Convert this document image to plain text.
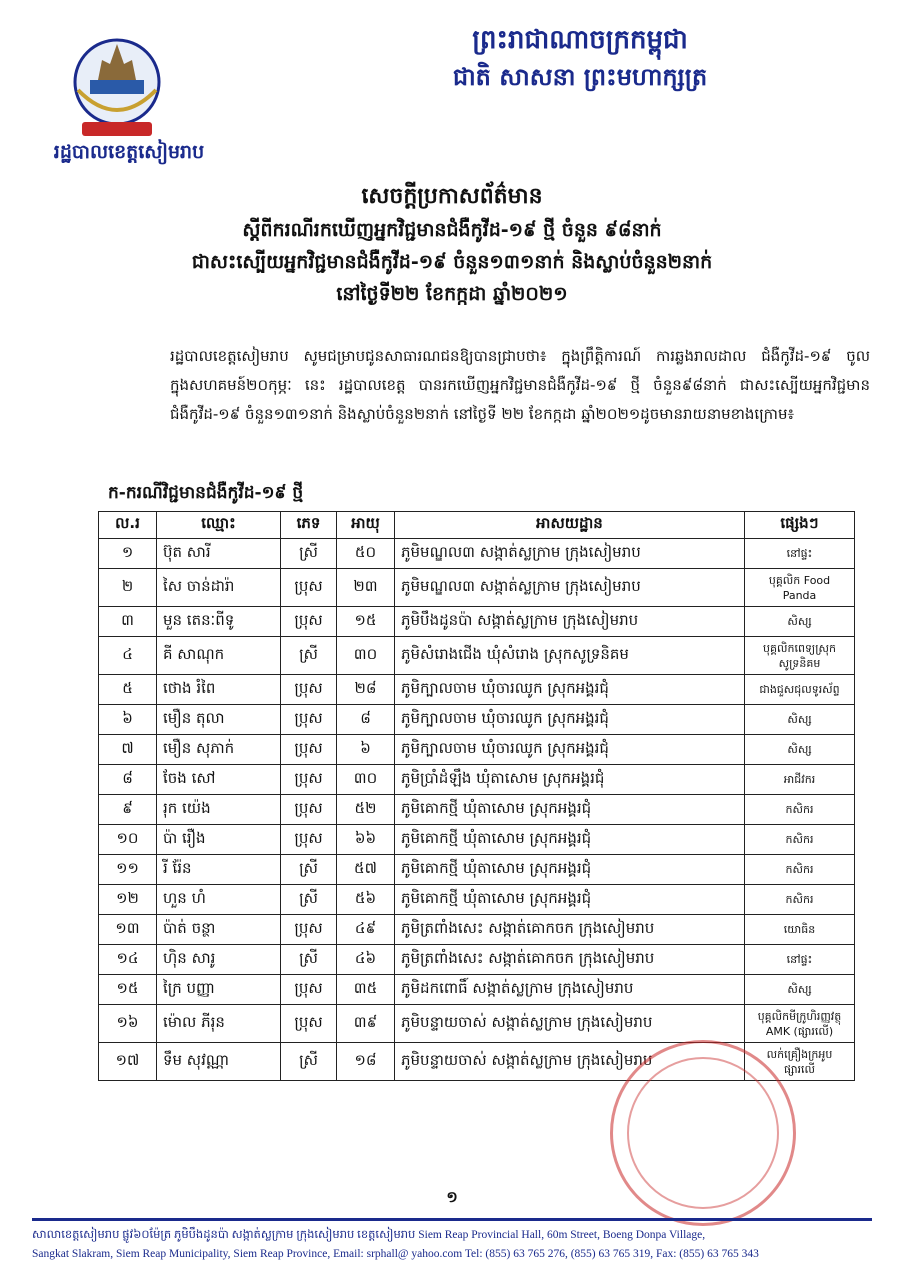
ព្រះរាជាណាចក្រកម្ពុជា
ជាតិ សាសនា ព្រះមហាក្សត្រ
រដ្ឋបាលខេត្តសៀមរាប
សេចក្តីប្រកាសព័ត៌មាន
ស្តីពីករណីរកឃើញអ្នកវិជ្ជមានជំងឺកូវីដ-១៩ ថ្មី ចំនួន ៩៨នាក់
ជាសះស្បើយអ្នកវិជ្ជមានជំងឺកូវីដ-១៩ ចំនួន១៣១នាក់ និងស្លាប់ចំនួន២នាក់
នៅថ្ងៃទី២២ ខែកក្កដា ឆ្នាំ២០២១

រដ្ឋបាលខេត្តសៀមរាប សូមជម្រាបជូនសាធារណជនឱ្យបានជ្រាបថា៖ ក្នុងព្រឹត្តិការណ៍ ការឆ្លងរាលដាល ជំងឺកូវីដ-១៩ ចូលក្នុងសហគមន៍២០កុម្ភៈ នេះ រដ្ឋបាលខេត្ត បានរកឃើញអ្នកវិជ្ជមានជំងឺកូវីដ-១៩ ថ្មី ចំនួន៩៨នាក់ ជាសះស្បើយអ្នកវិជ្ជមានជំងឺកូវីដ-១៩ ចំនួន១៣១នាក់ និងស្លាប់ចំនួន២នាក់ នៅថ្ងៃទី ២២ ខែកក្កដា ឆ្នាំ២០២១ដូចមានរាយនាមខាងក្រោម៖

ក-ករណីវិជ្ជមានជំងឺកូវីដ-១៩ ថ្មី
ល.រ	ឈ្មោះ	ភេទ	អាយុ	អាសយដ្ឋាន	ផ្សេងៗ
១	ប៊ុត សារី	ស្រី	៥០	ភូមិមណ្ឌល៣ សង្កាត់ស្លក្រាម ក្រុងសៀមរាប	នៅផ្ទះ
២	សៃ ចាន់ដារ៉ា	ប្រុស	២៣	ភូមិមណ្ឌល៣ សង្កាត់ស្លក្រាម ក្រុងសៀមរាប	បុគ្គលិក Food Panda
៣	មួន តេនៈពីទូ	ប្រុស	១៥	ភូមិបឹងដូនប៉ា សង្កាត់ស្លក្រាម ក្រុងសៀមរាប	សិស្ស
៤	គី សាណុក	ស្រី	៣០	ភូមិសំរោងជើង ឃុំសំរោង ស្រុកសូទ្រនិគម	បុគ្គលិកពេទ្យស្រុក សូទ្រនិគម
៥	ថោង រំពៃ	ប្រុស	២៨	ភូមិក្បាលចាម ឃុំចារឈូក ស្រុកអង្គរជុំ	ជាងជួសជុលទូរស័ព្ទ
៦	មឿន តុលា	ប្រុស	៨	ភូមិក្បាលចាម ឃុំចារឈូក ស្រុកអង្គរជុំ	សិស្ស
៧	មឿន សុភាក់	ប្រុស	៦	ភូមិក្បាលចាម ឃុំចារឈូក ស្រុកអង្គរជុំ	សិស្ស
៨	ចែង សៅ	ប្រុស	៣០	ភូមិប្រាំដំឡឹង ឃុំតាសោម ស្រុកអង្គរជុំ	អាជីវករ
៩	រុក យ៉េង	ប្រុស	៥២	ភូមិគោកថ្មី ឃុំតាសោម ស្រុកអង្គរជុំ	កសិករ
១០	ប៉ា រឿង	ប្រុស	៦៦	ភូមិគោកថ្មី ឃុំតាសោម ស្រុកអង្គរជុំ	កសិករ
១១	រី រ៉ែន	ស្រី	៥៧	ភូមិគោកថ្មី ឃុំតាសោម ស្រុកអង្គរជុំ	កសិករ
១២	ហួន ហំ	ស្រី	៥៦	ភូមិគោកថ្មី ឃុំតាសោម ស្រុកអង្គរជុំ	កសិករ
១៣	ប៉ាត់ ចន្ថា	ប្រុស	៤៩	ភូមិត្រពាំងសេះ សង្កាត់គោកចក ក្រុងសៀមរាប	យោធិន
១៤	ហ៊ិន សារូ	ស្រី	៤៦	ភូមិត្រពាំងសេះ សង្កាត់គោកចក ក្រុងសៀមរាប	នៅផ្ទះ
១៥	ក្រៃ បញ្ញា	ប្រុស	៣៥	ភូមិដកពោធិ៍ សង្កាត់ស្លក្រាម ក្រុងសៀមរាប	សិស្ស
១៦	ម៉ោល ភីរុន	ប្រុស	៣៩	ភូមិបន្ទាយចាស់ សង្កាត់ស្លក្រាម ក្រុងសៀមរាប	បុគ្គលិកមីក្រូហិរញ្ញវត្ថុ AMK (ផ្សារលើ)
១៧	ទឹម សុវណ្ណា	ស្រី	១៨	ភូមិបន្ទាយចាស់ សង្កាត់ស្លក្រាម ក្រុងសៀមរាប	លក់គ្រឿងក្រអូប ផ្សារលើ
១
សាលាខេត្តសៀមរាប ផ្លូវ៦០ម៉ែត្រ ភូមិបឹងដូនប៉ា សង្កាត់ស្លក្រាម ក្រុងសៀមរាប ខេត្តសៀមរាប Siem Reap Provincial Hall, 60m Street, Boeng Donpa Village,
Sangkat Slakram, Siem Reap Municipality, Siem Reap Province, Email: srphall@ yahoo.com Tel: (855) 63 765 276, (855) 63 765 319, Fax: (855) 63 765 343
